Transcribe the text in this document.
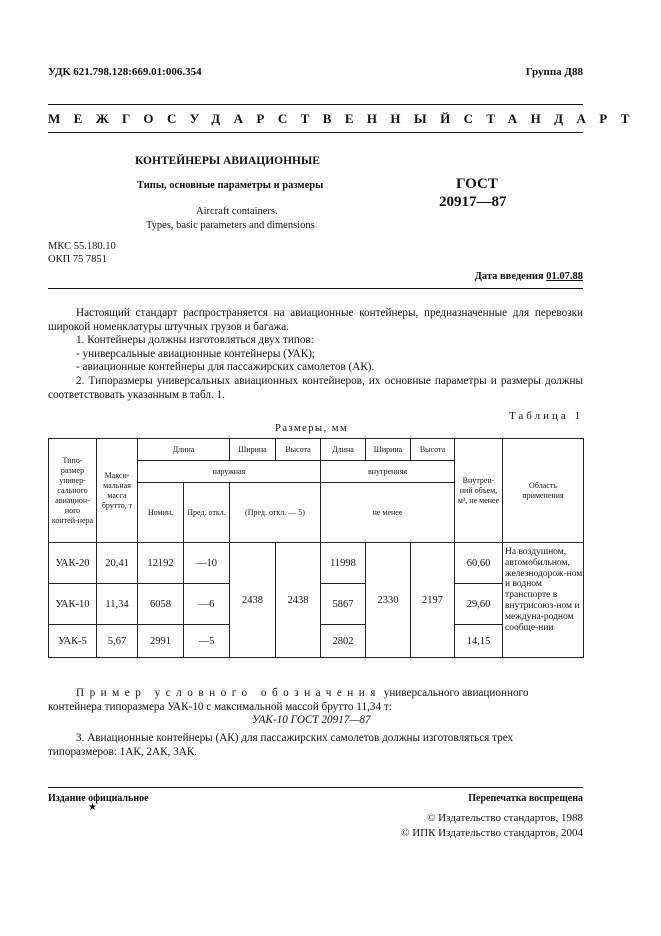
УДК 621.798.128:669.01:006.354	Группа Д88
МЕЖГОСУДАРСТВЕННЫЙ СТАНДАРТ
КОНТЕЙНЕРЫ АВИАЦИОННЫЕ
Типы, основные параметры и размеры
Aircraft containers.
Types, basic parameters and dimensions
ГОСТ
20917—87
МКС 55.180.10
ОКП 75 7851
Дата введения 01.07.88
Настоящий стандарт распространяется на авиационные контейнеры, предназначенные для перевозки широкой номенклатуры штучных грузов и багажа.
1. Контейнеры должны изготовляться двух типов:
- универсальные авиационные контейнеры (УАК);
- авиационные контейнеры для пассажирских самолетов (АК).
2. Типоразмеры универсальных авиационных контейнеров, их основные параметры и размеры должны соответствовать указанным в табл. 1.
Таблица 1
Размеры, мм
Типо-размер универ-сального авиацион-ного контей-нера	Макси-мальная масса брутто, т	Длина		Ширина	Высота	Длина	Ширина	Высота	Внутрен-ний объем, м³, не менее	Область применения
		наружная				внутренняя				
		Номин.	Пред. откл.	(Пред. откл. — 5)		не менее				
УАК-20	20,41	12192	—10	2438	2438	11998	2330	2197	60,60	На воздушном, автомобильном, железнодорож-ном и водном транспорте в внутрисоюз-ном и междуна-родном сообще-нии
УАК-10	11,34	6058	—6			5867			29,60	
УАК-5	5,67	2991	—5			2802			14,15	
Пример условного обозначения универсального авиационного контейнера типоразмера УАК-10 с максимальной массой брутто 11,34 т:
УАК-10 ГОСТ 20917—87
3. Авиационные контейнеры (АК) для пассажирских самолетов должны изготовляться трех типоразмеров: 1АК, 2АК, 3АК.
Издание официальное	Перепечатка воспрещена
★
© Издательство стандартов, 1988
© ИПК Издательство стандартов, 2004
